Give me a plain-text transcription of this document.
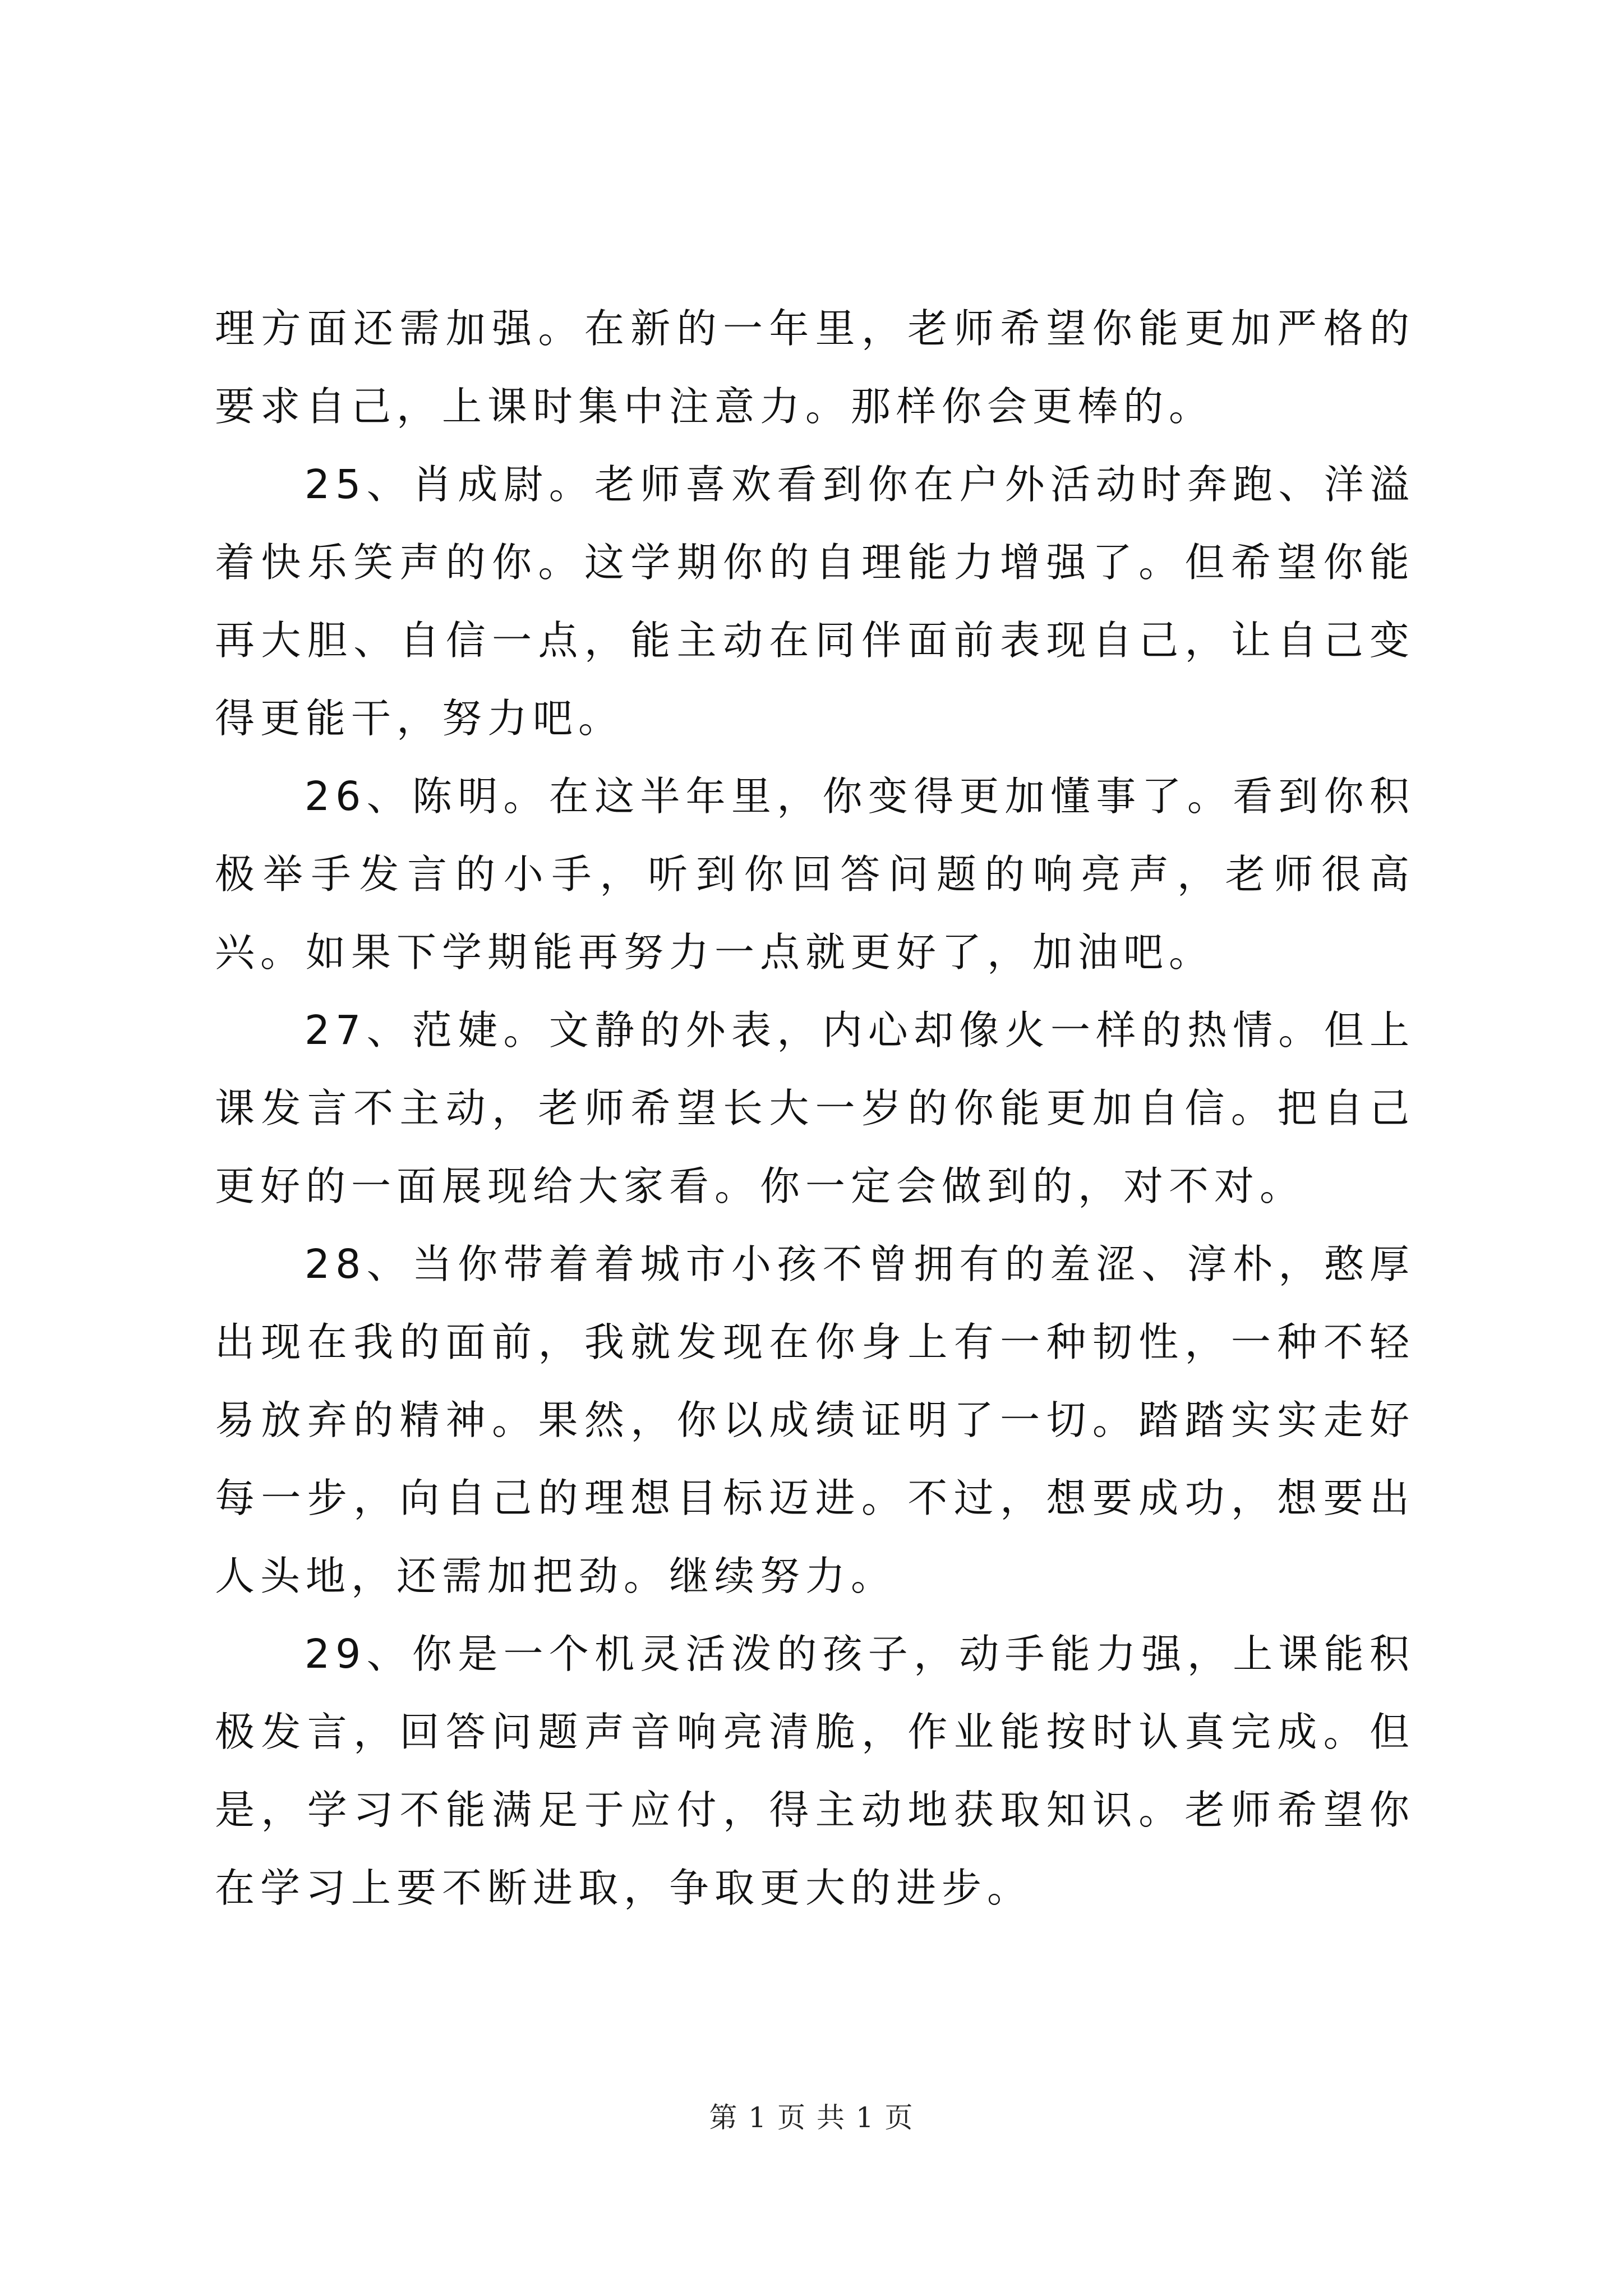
理方面还需加强。在新的一年里，老师希望你能更加严格的要求自己，上课时集中注意力。那样你会更棒的。

25、肖成尉。老师喜欢看到你在户外活动时奔跑、洋溢着快乐笑声的你。这学期你的自理能力增强了。但希望你能再大胆、自信一点，能主动在同伴面前表现自己，让自己变得更能干，努力吧。

26、陈明。在这半年里，你变得更加懂事了。看到你积极举手发言的小手，听到你回答问题的响亮声，老师很高兴。如果下学期能再努力一点就更好了，加油吧。

27、范婕。文静的外表，内心却像火一样的热情。但上课发言不主动，老师希望长大一岁的你能更加自信。把自己更好的一面展现给大家看。你一定会做到的，对不对。

28、当你带着着城市小孩不曾拥有的羞涩、淳朴，憨厚出现在我的面前，我就发现在你身上有一种韧性，一种不轻易放弃的精神。果然，你以成绩证明了一切。踏踏实实走好每一步，向自己的理想目标迈进。不过，想要成功，想要出人头地，还需加把劲。继续努力。

29、你是一个机灵活泼的孩子，动手能力强，上课能积极发言，回答问题声音响亮清脆，作业能按时认真完成。但是，学习不能满足于应付，得主动地获取知识。老师希望你在学习上要不断进取，争取更大的进步。

第 1 页 共 1 页
